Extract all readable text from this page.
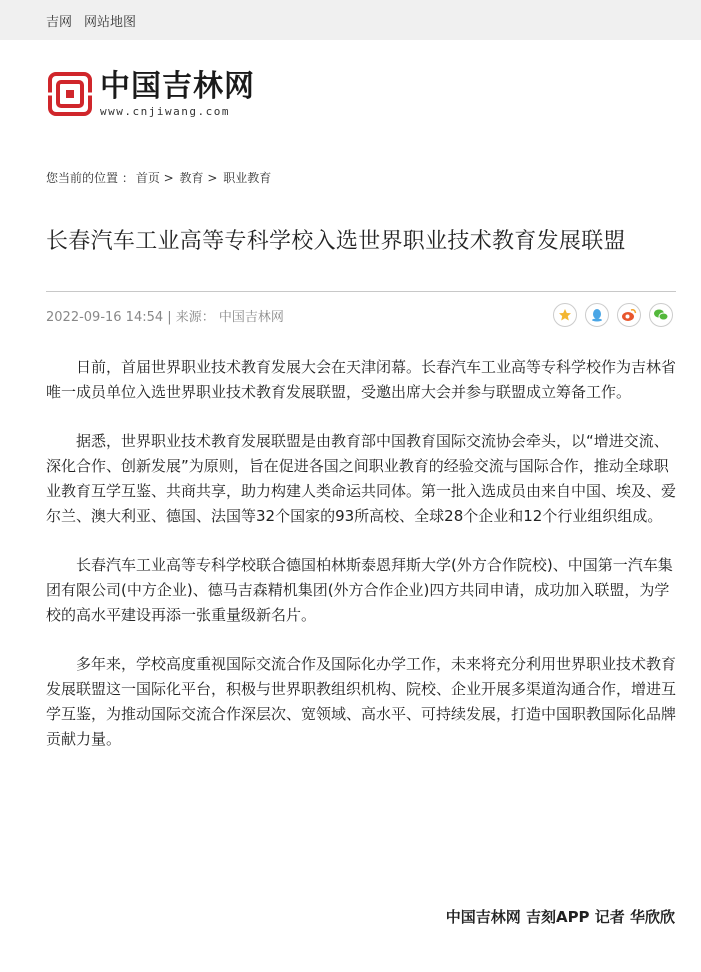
吉网 网站地图
中国吉林网
www.cnjiwang.com
您当前的位置 ： 首页 > 教育 > 职业教育
长春汽车工业高等专科学校入选世界职业技术教育发展联盟
2022-09-16 14:54 | 来源： 中国吉林网

日前，首届世界职业技术教育发展大会在天津闭幕。长春汽车工业高等专科学校作为吉林省唯一成员单位入选世界职业技术教育发展联盟，受邀出席大会并参与联盟成立筹备工作。

据悉，世界职业技术教育发展联盟是由教育部中国教育国际交流协会牵头，以“增进交流、深化合作、创新发展”为原则，旨在促进各国之间职业教育的经验交流与国际合作，推动全球职业教育互学互鉴、共商共享，助力构建人类命运共同体。第一批入选成员由来自中国、埃及、爱尔兰、澳大利亚、德国、法国等32个国家的93所高校、全球28个企业和12个行业组织组成。

长春汽车工业高等专科学校联合德国柏林斯泰恩拜斯大学(外方合作院校)、中国第一汽车集团有限公司(中方企业)、德马吉森精机集团(外方合作企业)四方共同申请，成功加入联盟，为学校的高水平建设再添一张重量级新名片。

多年来，学校高度重视国际交流合作及国际化办学工作，未来将充分利用世界职业技术教育发展联盟这一国际化平台，积极与世界职教组织机构、院校、企业开展多渠道沟通合作，增进互学互鉴，为推动国际交流合作深层次、宽领域、高水平、可持续发展，打造中国职教国际化品牌贡献力量。

中国吉林网 吉刻APP 记者 华欣欣
